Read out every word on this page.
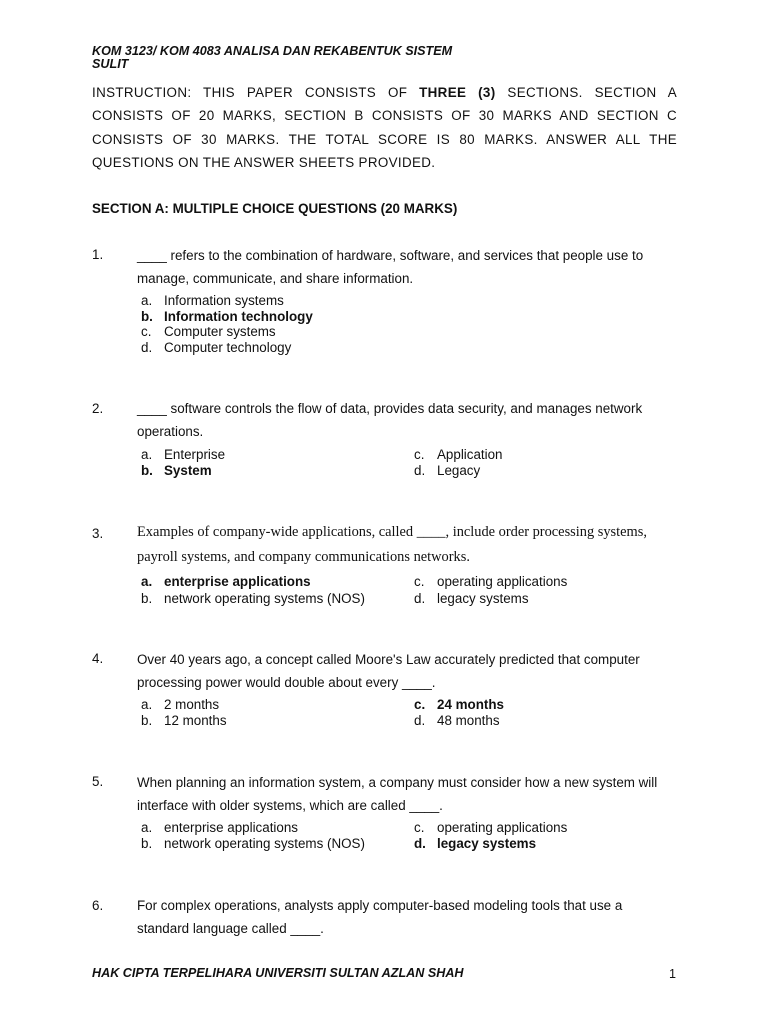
KOM 3123/ KOM 4083 ANALISA DAN REKABENTUK SISTEM
SULIT
INSTRUCTION: THIS PAPER CONSISTS OF THREE (3) SECTIONS. SECTION A CONSISTS OF 20 MARKS, SECTION B CONSISTS OF 30 MARKS AND SECTION C CONSISTS OF 30 MARKS. THE TOTAL SCORE IS 80 MARKS. ANSWER ALL THE QUESTIONS ON THE ANSWER SHEETS PROVIDED.
SECTION A: MULTIPLE CHOICE QUESTIONS (20 MARKS)
1.	____ refers to the combination of hardware, software, and services that people use to manage, communicate, and share information.
a. Information systems
b. Information technology
c. Computer systems
d. Computer technology
2.	____ software controls the flow of data, provides data security, and manages network operations.
a. Enterprise
b. System
c. Application
d. Legacy
3. Examples of company-wide applications, called ____, include order processing systems, payroll systems, and company communications networks.
a. enterprise applications
b. network operating systems (NOS)
c. operating applications
d. legacy systems
4.	Over 40 years ago, a concept called Moore's Law accurately predicted that computer processing power would double about every ____.
a. 2 months
b. 12 months
c. 24 months
d. 48 months
5.	When planning an information system, a company must consider how a new system will interface with older systems, which are called ____.
a. enterprise applications
b. network operating systems (NOS)
c. operating applications
d. legacy systems
6.	For complex operations, analysts apply computer-based modeling tools that use a standard language called ____.
HAK CIPTA TERPELIHARA UNIVERSITI SULTAN AZLAN SHAH	1
